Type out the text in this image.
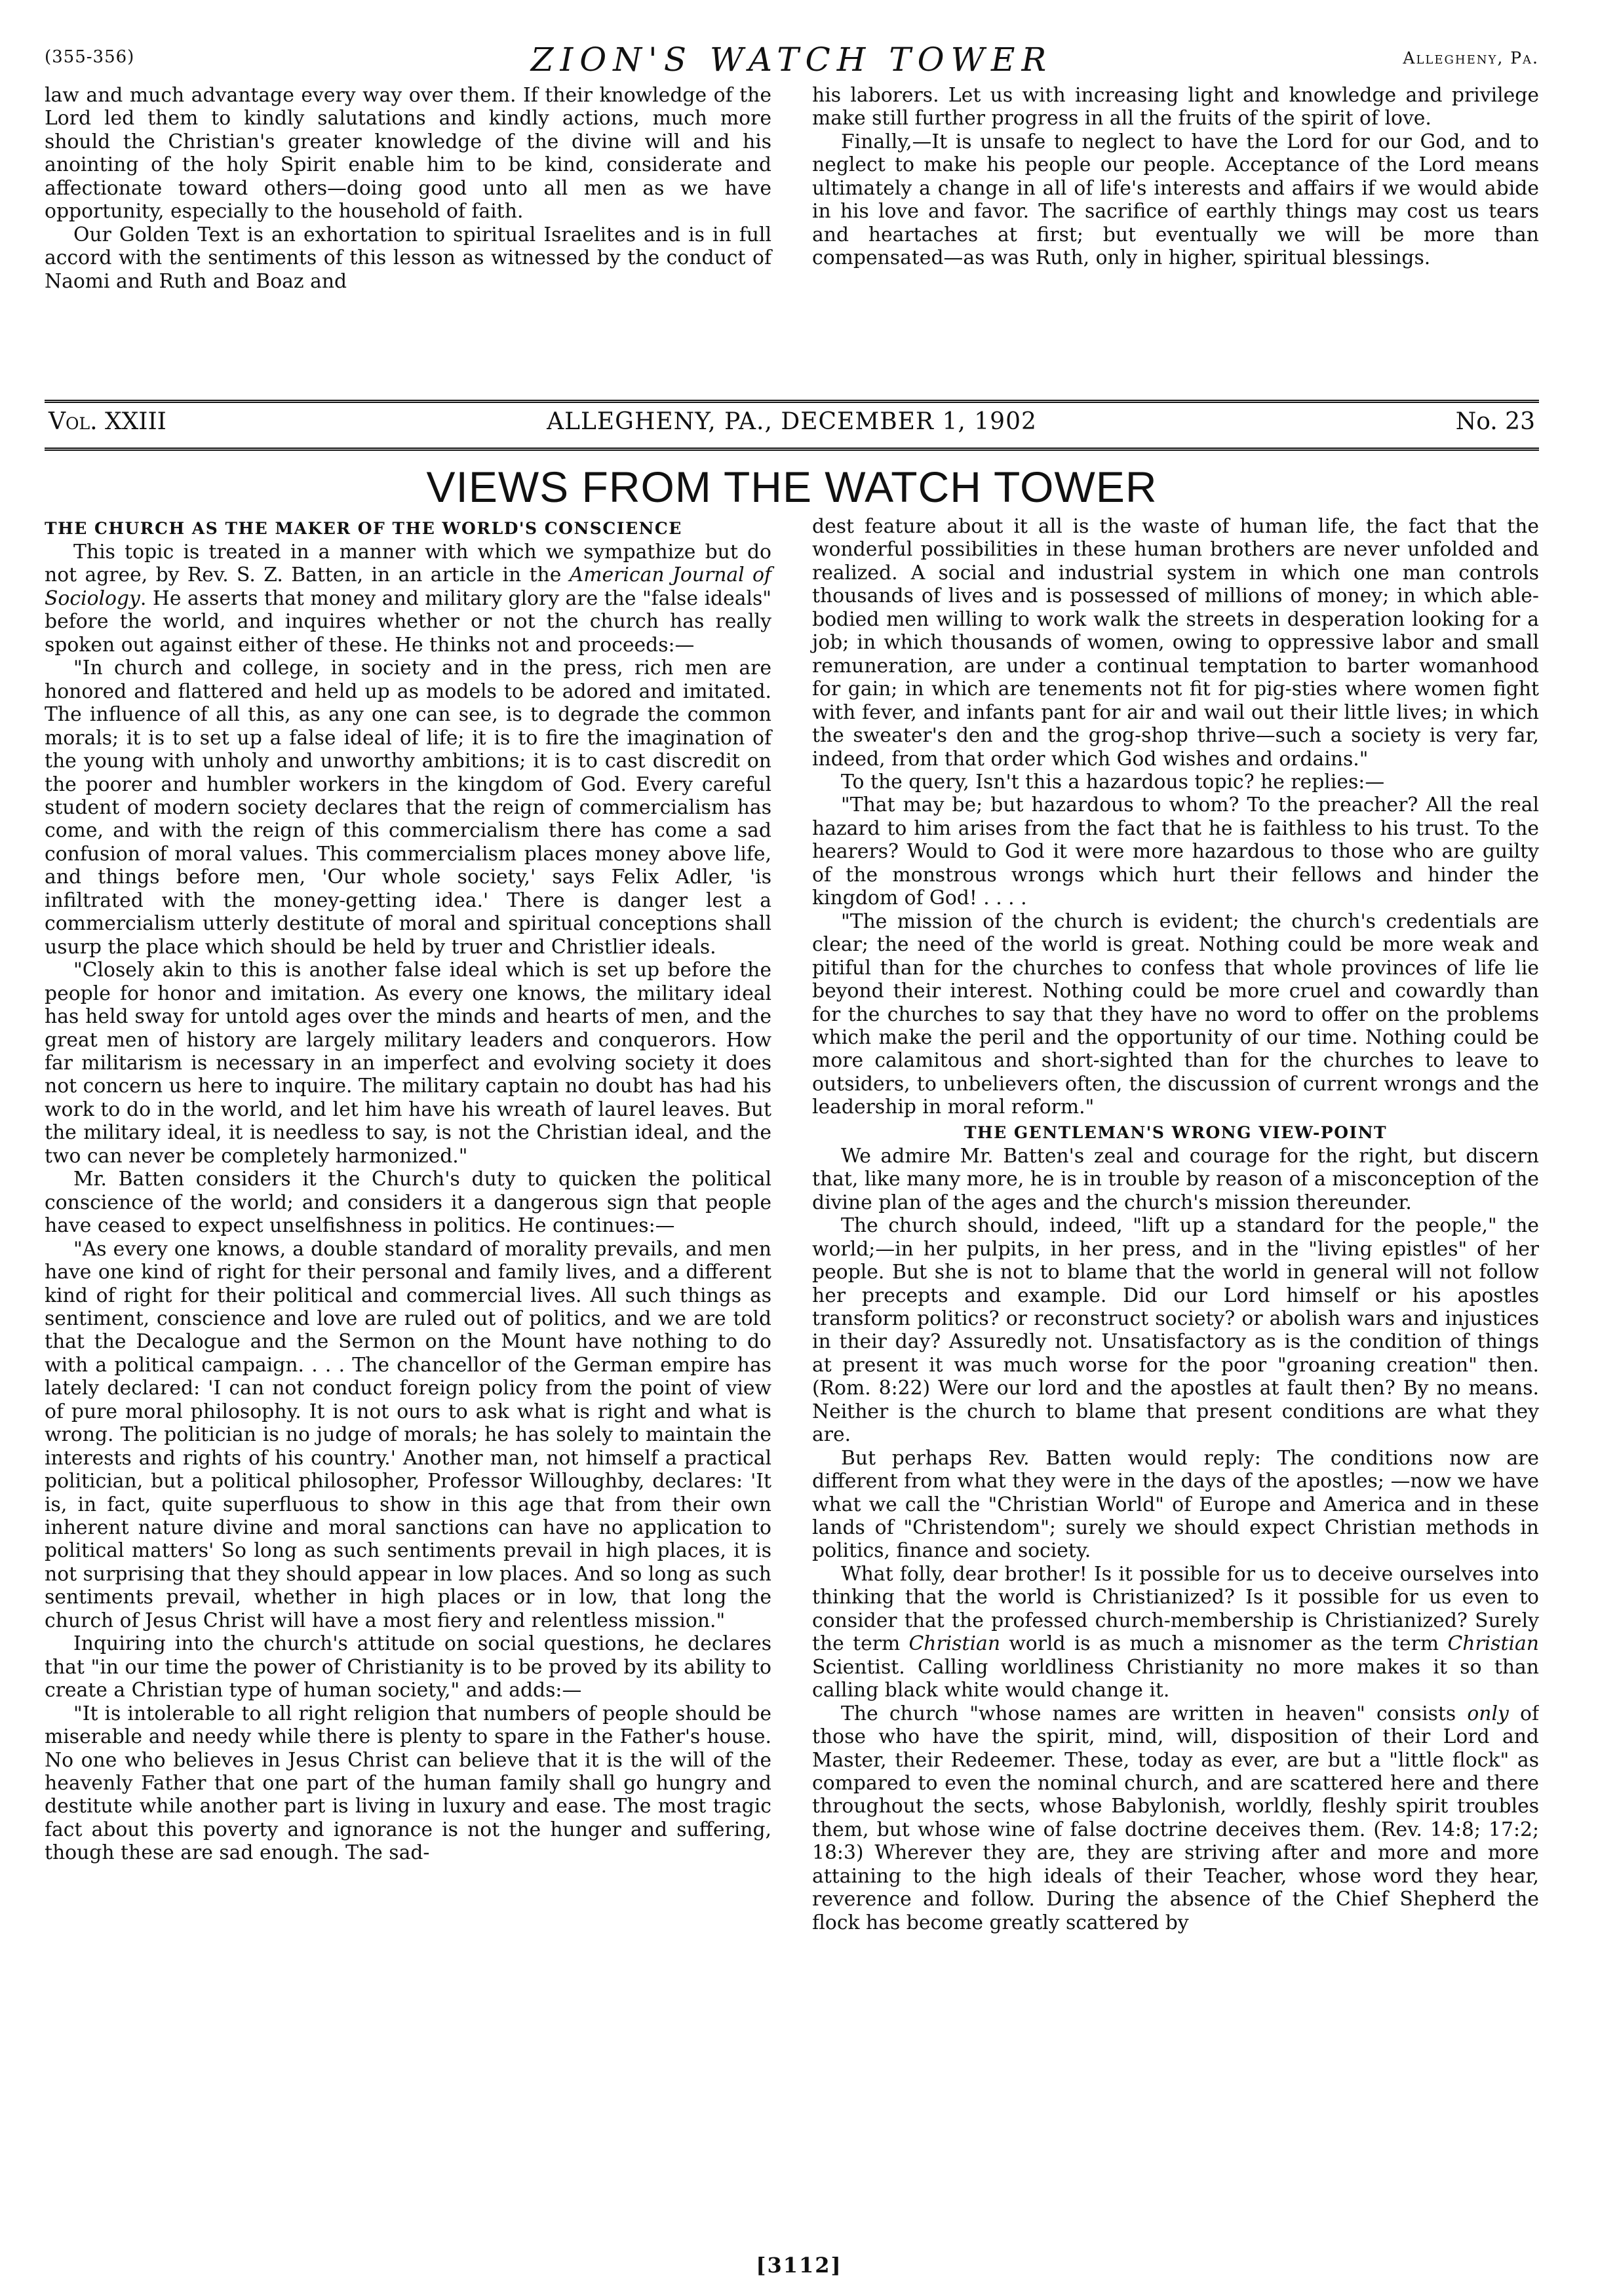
(355-356)	ZION'S WATCH TOWER	Allegheny, Pa.

law and much advantage every way over them. If their knowledge of the Lord led them to kindly salutations and kindly actions, much more should the Christian's greater knowledge of the divine will and his anointing of the holy Spirit enable him to be kind, considerate and affectionate toward others—doing good unto all men as we have opportunity, especially to the household of faith.

Our Golden Text is an exhortation to spiritual Israelites and is in full accord with the sentiments of this lesson as witnessed by the conduct of Naomi and Ruth and Boaz and

his laborers. Let us with increasing light and knowledge and privilege make still further progress in all the fruits of the spirit of love.

Finally,—It is unsafe to neglect to have the Lord for our God, and to neglect to make his people our people. Acceptance of the Lord means ultimately a change in all of life's interests and affairs if we would abide in his love and favor. The sacrifice of earthly things may cost us tears and heartaches at first; but eventually we will be more than compensated—as was Ruth, only in higher, spiritual blessings.

Vol. XXIII	ALLEGHENY, PA., DECEMBER 1, 1902	No. 23
VIEWS FROM THE WATCH TOWER
THE CHURCH AS THE MAKER OF THE WORLD'S CONSCIENCE

This topic is treated in a manner with which we sympathize but do not agree, by Rev. S. Z. Batten, in an article in the American Journal of Sociology. He asserts that money and military glory are the "false ideals" before the world, and inquires whether or not the church has really spoken out against either of these. He thinks not and proceeds:—

"In church and college, in society and in the press, rich men are honored and flattered and held up as models to be adored and imitated. The influence of all this, as any one can see, is to degrade the common morals; it is to set up a false ideal of life; it is to fire the imagination of the young with unholy and unworthy ambitions; it is to cast discredit on the poorer and humbler workers in the kingdom of God. Every careful student of modern society declares that the reign of commercialism has come, and with the reign of this commercialism there has come a sad confusion of moral values. This commercialism places money above life, and things before men, 'Our whole society,' says Felix Adler, 'is infiltrated with the money-getting idea.' There is danger lest a commercialism utterly destitute of moral and spiritual conceptions shall usurp the place which should be held by truer and Christlier ideals.

"Closely akin to this is another false ideal which is set up before the people for honor and imitation. As every one knows, the military ideal has held sway for untold ages over the minds and hearts of men, and the great men of history are largely military leaders and conquerors. How far militarism is necessary in an imperfect and evolving society it does not concern us here to inquire. The military captain no doubt has had his work to do in the world, and let him have his wreath of laurel leaves. But the military ideal, it is needless to say, is not the Christian ideal, and the two can never be completely harmonized."

Mr. Batten considers it the Church's duty to quicken the political conscience of the world; and considers it a dangerous sign that people have ceased to expect unselfishness in politics. He continues:—

"As every one knows, a double standard of morality prevails, and men have one kind of right for their personal and family lives, and a different kind of right for their political and commercial lives. All such things as sentiment, conscience and love are ruled out of politics, and we are told that the Decalogue and the Sermon on the Mount have nothing to do with a political campaign. . . . The chancellor of the German empire has lately declared: 'I can not conduct foreign policy from the point of view of pure moral philosophy. It is not ours to ask what is right and what is wrong. The politician is no judge of morals; he has solely to maintain the interests and rights of his country.' Another man, not himself a practical politician, but a political philosopher, Professor Willoughby, declares: 'It is, in fact, quite superfluous to show in this age that from their own inherent nature divine and moral sanctions can have no application to political matters' So long as such sentiments prevail in high places, it is not surprising that they should appear in low places. And so long as such sentiments prevail, whether in high places or in low, that long the church of Jesus Christ will have a most fiery and relentless mission."

Inquiring into the church's attitude on social questions, he declares that "in our time the power of Christianity is to be proved by its ability to create a Christian type of human society," and adds:—

"It is intolerable to all right religion that numbers of people should be miserable and needy while there is plenty to spare in the Father's house. No one who believes in Jesus Christ can believe that it is the will of the heavenly Father that one part of the human family shall go hungry and destitute while another part is living in luxury and ease. The most tragic fact about this poverty and ignorance is not the hunger and suffering, though these are sad enough. The sad-

dest feature about it all is the waste of human life, the fact that the wonderful possibilities in these human brothers are never unfolded and realized. A social and industrial system in which one man controls thousands of lives and is possessed of millions of money; in which able-bodied men willing to work walk the streets in desperation looking for a job; in which thousands of women, owing to oppressive labor and small remuneration, are under a continual temptation to barter womanhood for gain; in which are tenements not fit for pig-sties where women fight with fever, and infants pant for air and wail out their little lives; in which the sweater's den and the grog-shop thrive—such a society is very far, indeed, from that order which God wishes and ordains."

To the query, Isn't this a hazardous topic? he replies:—

"That may be; but hazardous to whom? To the preacher? All the real hazard to him arises from the fact that he is faithless to his trust. To the hearers? Would to God it were more hazardous to those who are guilty of the monstrous wrongs which hurt their fellows and hinder the kingdom of God! . . . .

"The mission of the church is evident; the church's credentials are clear; the need of the world is great. Nothing could be more weak and pitiful than for the churches to confess that whole provinces of life lie beyond their interest. Nothing could be more cruel and cowardly than for the churches to say that they have no word to offer on the problems which make the peril and the opportunity of our time. Nothing could be more calamitous and short-sighted than for the churches to leave to outsiders, to unbelievers often, the discussion of current wrongs and the leadership in moral reform."

THE GENTLEMAN'S WRONG VIEW-POINT

We admire Mr. Batten's zeal and courage for the right, but discern that, like many more, he is in trouble by reason of a misconception of the divine plan of the ages and the church's mission thereunder.

The church should, indeed, "lift up a standard for the people," the world;—in her pulpits, in her press, and in the "living epistles" of her people. But she is not to blame that the world in general will not follow her precepts and example. Did our Lord himself or his apostles transform politics? or reconstruct society? or abolish wars and injustices in their day? Assuredly not. Unsatisfactory as is the condition of things at present it was much worse for the poor "groaning creation" then. (Rom. 8:22) Were our lord and the apostles at fault then? By no means. Neither is the church to blame that present conditions are what they are.

But perhaps Rev. Batten would reply: The conditions now are different from what they were in the days of the apostles; —now we have what we call the "Christian World" of Europe and America and in these lands of "Christendom"; surely we should expect Christian methods in politics, finance and society.

What folly, dear brother! Is it possible for us to deceive ourselves into thinking that the world is Christianized? Is it possible for us even to consider that the professed church-membership is Christianized? Surely the term Christian world is as much a misnomer as the term Christian Scientist. Calling worldliness Christianity no more makes it so than calling black white would change it.

The church "whose names are written in heaven" consists only of those who have the spirit, mind, will, disposition of their Lord and Master, their Redeemer. These, today as ever, are but a "little flock" as compared to even the nominal church, and are scattered here and there throughout the sects, whose Babylonish, worldly, fleshly spirit troubles them, but whose wine of false doctrine deceives them. (Rev. 14:8; 17:2; 18:3) Wherever they are, they are striving after and more and more attaining to the high ideals of their Teacher, whose word they hear, reverence and follow. During the absence of the Chief Shepherd the flock has become greatly scattered by

[3112]
